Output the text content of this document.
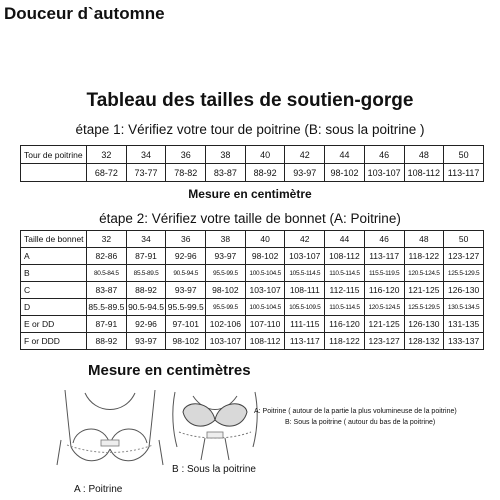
Douceur d`automne
Tableau des tailles de soutien-gorge
étape 1: Vérifiez votre tour de poitrine (B: sous la poitrine )
Tour de poitrine	32	34	36	38	40	42	44	46	48	50
	68-72	73-77	78-82	83-87	88-92	93-97	98-102	103-107	108-112	113-117
Mesure en centimètre
étape 2: Vérifiez votre taille de bonnet (A: Poitrine)
Taille de bonnet	32	34	36	38	40	42	44	46	48	50
A	82-86	87-91	92-96	93-97	98-102	103-107	108-112	113-117	118-122	123-127
B	80.5-84.5	85.5-89.5	90.5-94.5	95.5-99.5	100.5-104.5	105.5-114.5	110.5-114.5	115.5-119.5	120.5-124.5	125.5-129.5
C	83-87	88-92	93-97	98-102	103-107	108-111	112-115	116-120	121-125	126-130
D	85.5-89.5	90.5-94.5	95.5-99.5	95.5-99.5	100.5-104.5	105.5-109.5	110.5-114.5	120.5-124.5	125.5-129.5	130.5-134.5
E or DD	87-91	92-96	97-101	102-106	107-110	111-115	116-120	121-125	126-130	131-135
F or DDD	88-92	93-97	98-102	103-107	108-112	113-117	118-122	123-127	128-132	133-137
Mesure en centimètres
A: Poitrine ( autour de la partie la plus volumineuse de la poitrine)
B: Sous la poitrine ( autour du bas de la poitrine)
B : Sous la poitrine
A : Poitrine
